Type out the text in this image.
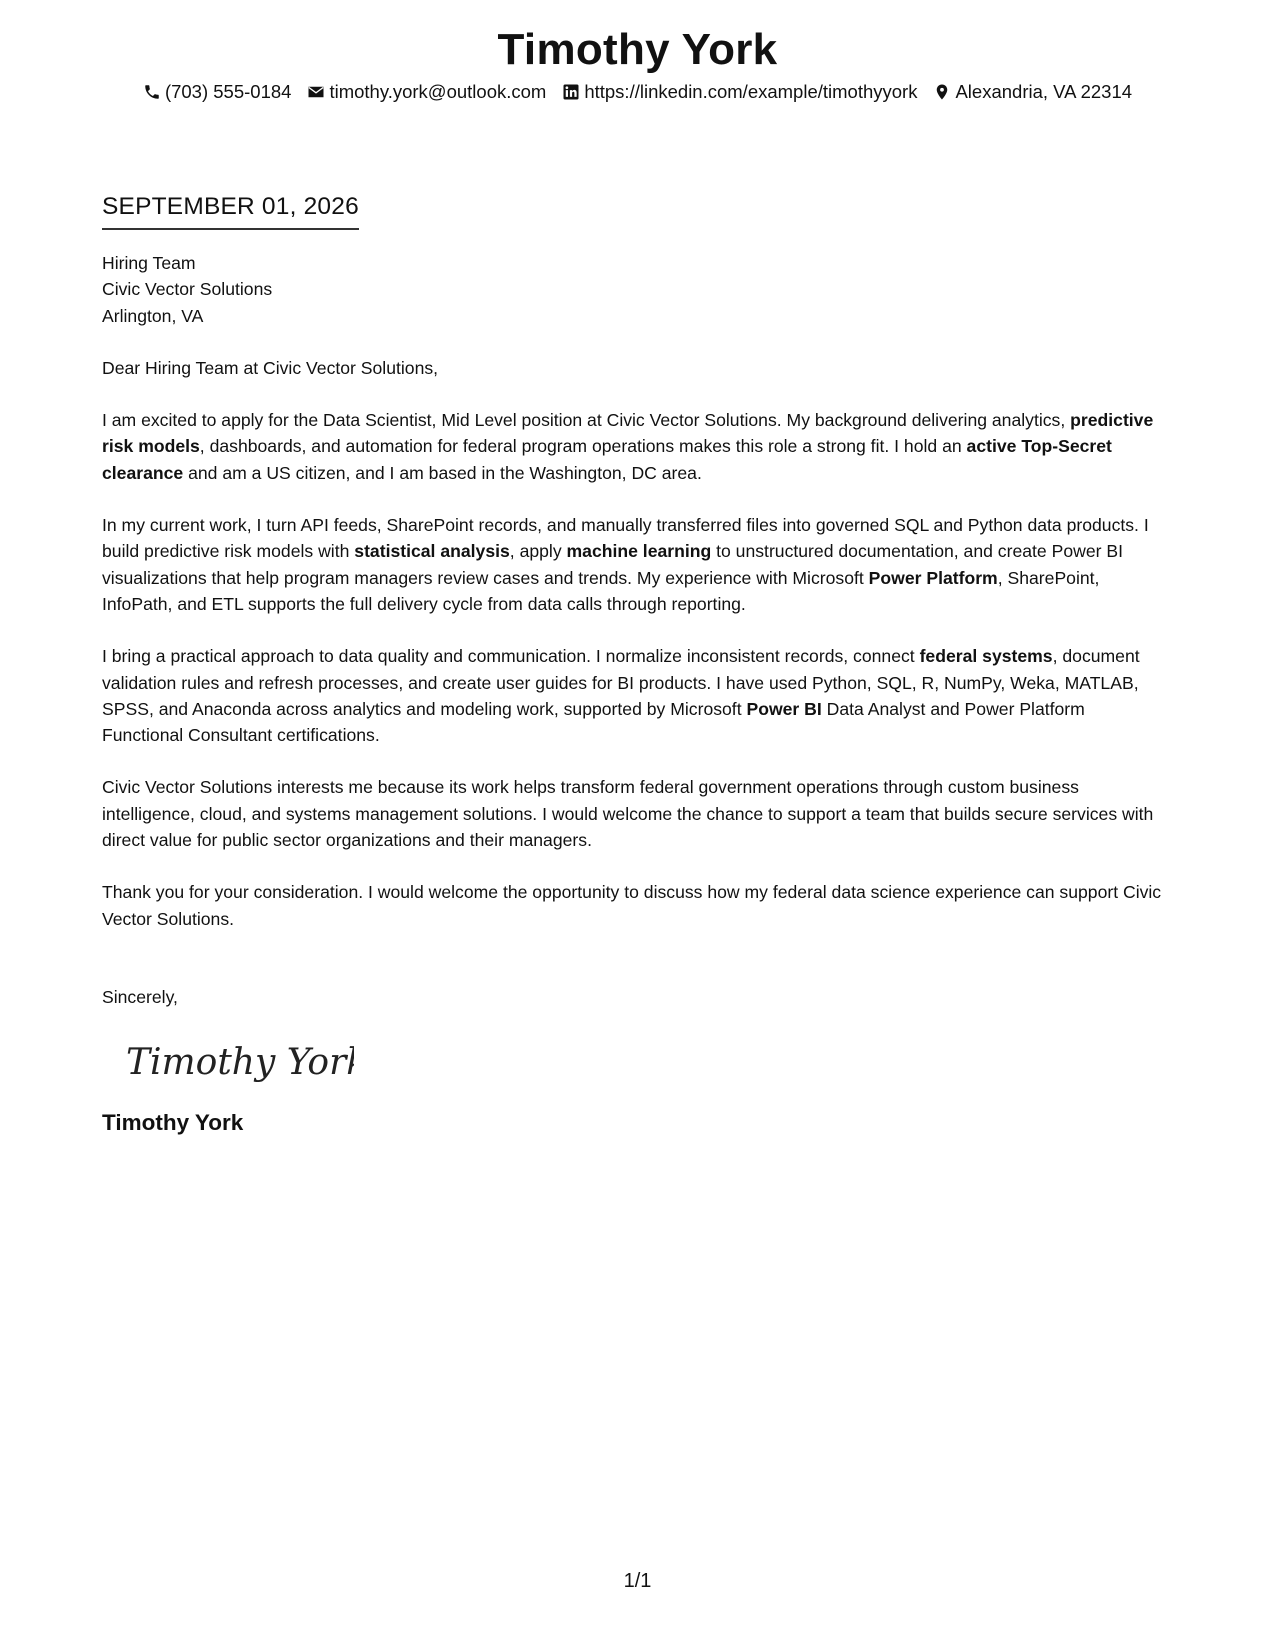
Timothy York
(703) 555-0184 timothy.york@outlook.com https://linkedin.com/example/timothyyork Alexandria, VA 22314
SEPTEMBER 01, 2026
Hiring Team
Civic Vector Solutions
Arlington, VA
Dear Hiring Team at Civic Vector Solutions,

I am excited to apply for the Data Scientist, Mid Level position at Civic Vector Solutions. My background delivering analytics, predictive risk models, dashboards, and automation for federal program operations makes this role a strong fit. I hold an active Top-Secret clearance and am a US citizen, and I am based in the Washington, DC area.

In my current work, I turn API feeds, SharePoint records, and manually transferred files into governed SQL and Python data products. I build predictive risk models with statistical analysis, apply machine learning to unstructured documentation, and create Power BI visualizations that help program managers review cases and trends. My experience with Microsoft Power Platform, SharePoint, InfoPath, and ETL supports the full delivery cycle from data calls through reporting.

I bring a practical approach to data quality and communication. I normalize inconsistent records, connect federal systems, document validation rules and refresh processes, and create user guides for BI products. I have used Python, SQL, R, NumPy, Weka, MATLAB, SPSS, and Anaconda across analytics and modeling work, supported by Microsoft Power BI Data Analyst and Power Platform Functional Consultant certifications.

Civic Vector Solutions interests me because its work helps transform federal government operations through custom business intelligence, cloud, and systems management solutions. I would welcome the chance to support a team that builds secure services with direct value for public sector organizations and their managers.

Thank you for your consideration. I would welcome the opportunity to discuss how my federal data science experience can support Civic Vector Solutions.

Sincerely,
Timothy York
Timothy York
1/1
